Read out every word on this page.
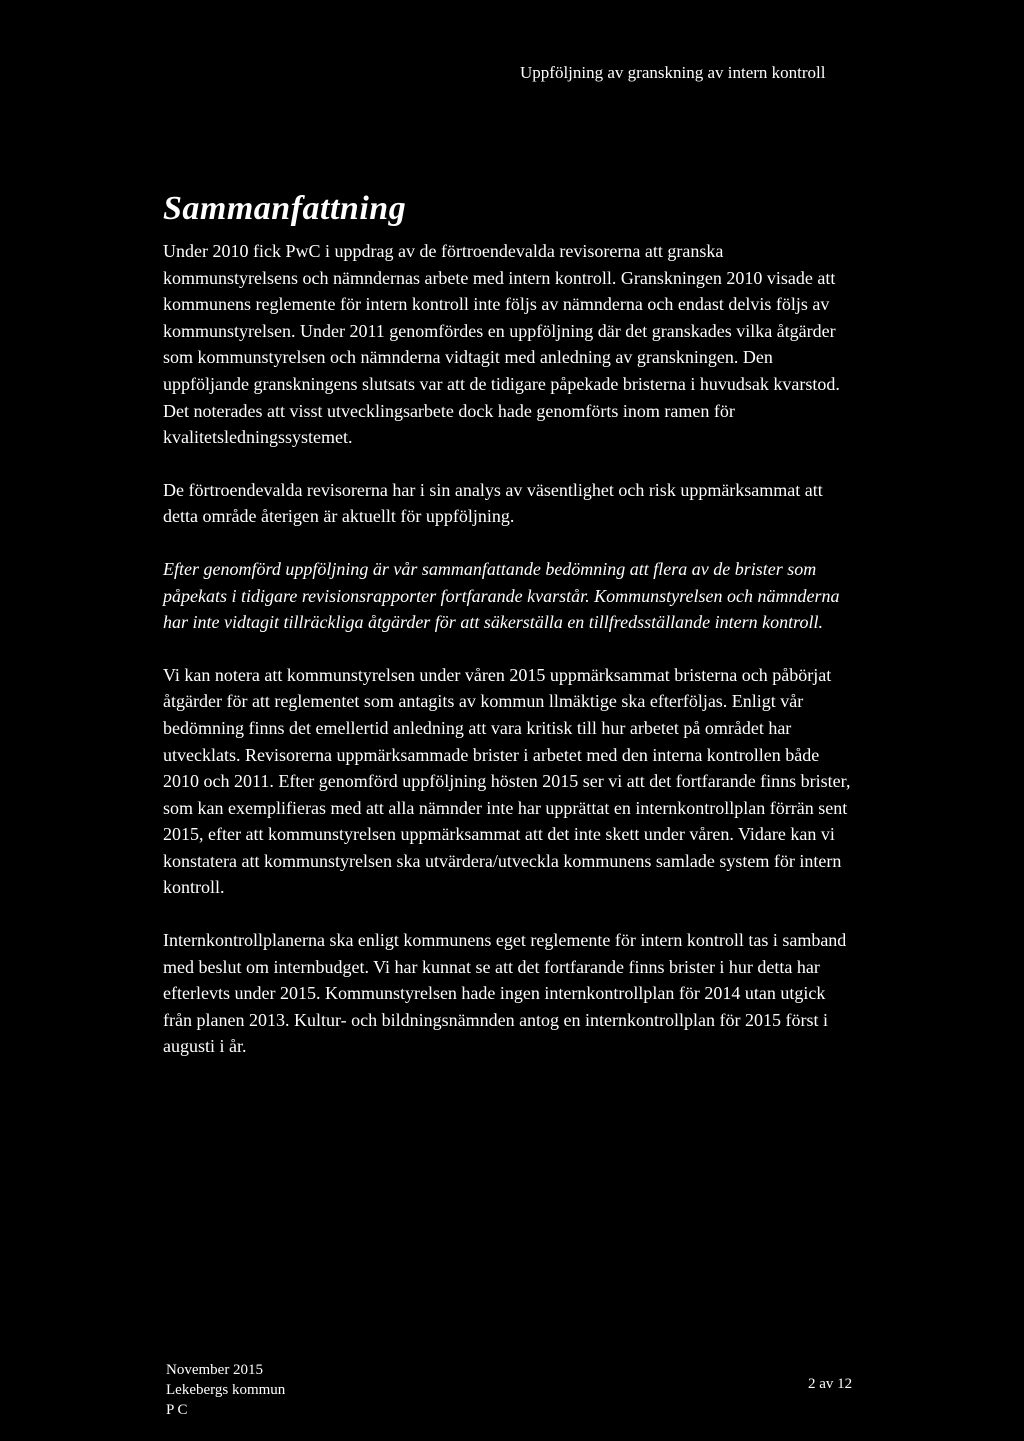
Uppföljning av granskning av intern kontroll
Sammanfattning

Under 2010 fick PwC i uppdrag av de förtroendevalda revisorerna att granska kommunstyrelsens och nämndernas arbete med intern kontroll. Granskningen 2010 visade att kommunens reglemente för intern kontroll inte följs av nämnderna och endast delvis följs av kommunstyrelsen. Under 2011 genomfördes en uppföljning där det granskades vilka åtgärder som kommunstyrelsen och nämnderna vidtagit med anledning av granskningen. Den uppföljande granskningens slutsats var att de tidigare påpekade bristerna i huvudsak kvarstod. Det noterades att visst utvecklingsarbete dock hade genomförts inom ramen för kvalitetsledningssystemet.

De förtroendevalda revisorerna har i sin analys av väsentlighet och risk uppmärksammat att detta område återigen är aktuellt för uppföljning.

Efter genomförd uppföljning är vår sammanfattande bedömning att flera av de brister som påpekats i tidigare revisionsrapporter fortfarande kvarstår. Kommunstyrelsen och nämnderna har inte vidtagit tillräckliga åtgärder för att säkerställa en tillfredsställande intern kontroll.

Vi kan notera att kommunstyrelsen under våren 2015 uppmärksammat bristerna och påbörjat åtgärder för att reglementet som antagits av kommun llmäktige ska efterföljas. Enligt vår bedömning finns det emellertid anledning att vara kritisk till hur arbetet på området har utvecklats. Revisorerna uppmärksammade brister i arbetet med den interna kontrollen både 2010 och 2011. Efter genomförd uppföljning hösten 2015 ser vi att det fortfarande finns brister, som kan exemplifieras med att alla nämnder inte har upprättat en internkontrollplan förrän sent 2015, efter att kommunstyrelsen uppmärksammat att det inte skett under våren. Vidare kan vi konstatera att kommunstyrelsen ska utvärdera/utveckla kommunens samlade system för intern kontroll.

Internkontrollplanerna ska enligt kommunens eget reglemente för intern kontroll tas i samband med beslut om internbudget. Vi har kunnat se att det fortfarande finns brister i hur detta har efterlevts under 2015. Kommunstyrelsen hade ingen internkontrollplan för 2014 utan utgick från planen 2013. Kultur- och bildningsnämnden antog en internkontrollplan för 2015 först i augusti i år.

November 2015
Lekebergs kommun
P C
2 av 12
